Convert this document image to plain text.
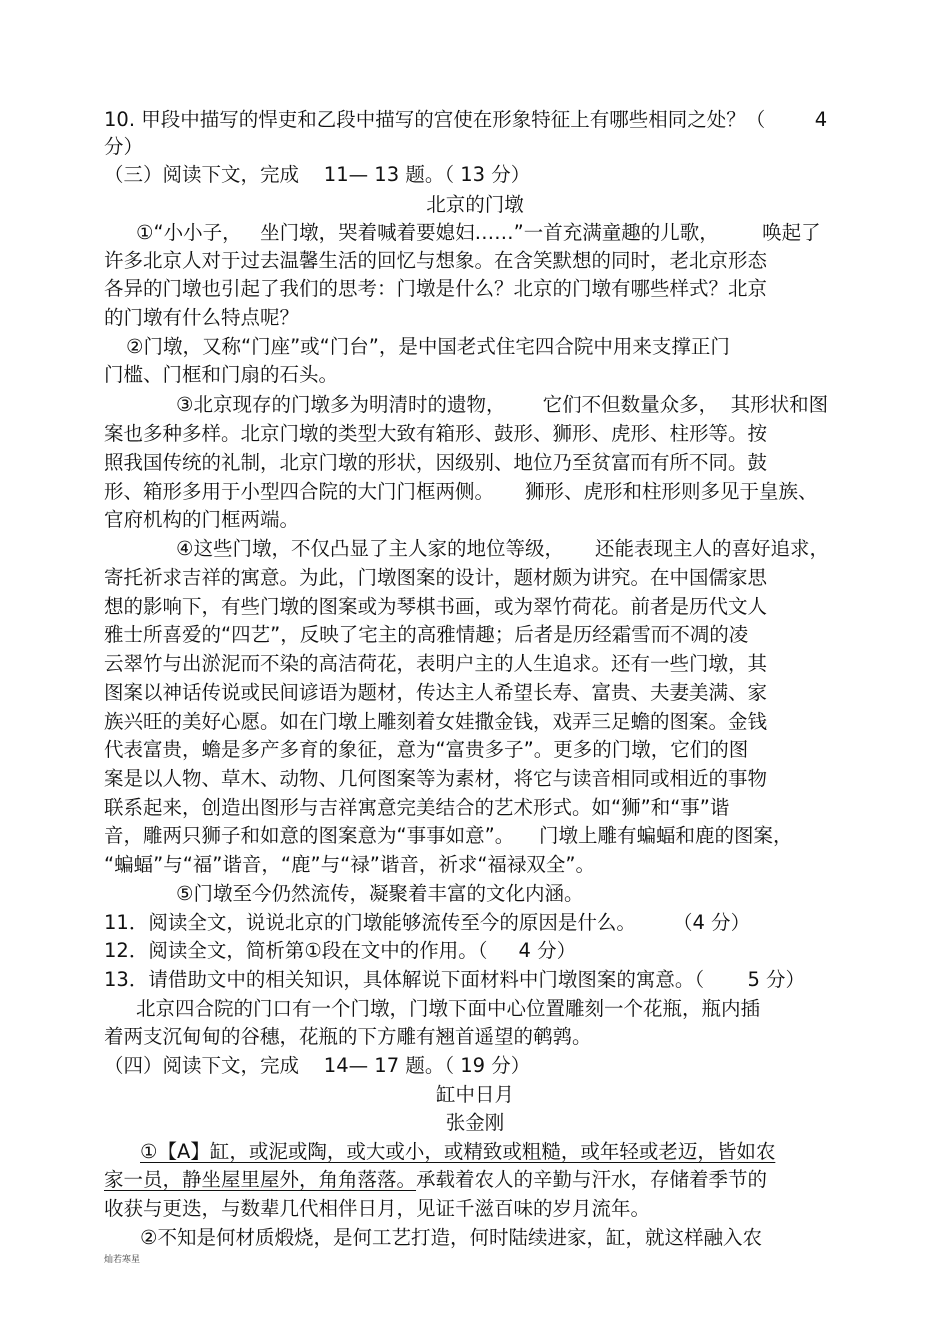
10. 甲段中描写的悍吏和乙段中描写的宫使在形象特征上有哪些相同之处？（        4
分）
（三）阅读下文，完成    11— 13 题。（ 13 分）
北京的门墩
①“小小子，   坐门墩，哭着喊着要媳妇……”一首充满童趣的儿歌，       唤起了
许多北京人对于过去温馨生活的回忆与想象。在含笑默想的同时，老北京形态
各异的门墩也引起了我们的思考：门墩是什么？北京的门墩有哪些样式？北京
的门墩有什么特点呢？
②门墩，又称“门座”或“门台”，是中国老式住宅四合院中用来支撑正门
门槛、门框和门扇的石头。
③北京现存的门墩多为明清时的遗物，      它们不但数量众多，  其形状和图
案也多种多样。北京门墩的类型大致有箱形、鼓形、狮形、虎形、柱形等。按
照我国传统的礼制，北京门墩的形状，因级别、地位乃至贫富而有所不同。鼓
形、箱形多用于小型四合院的大门门框两侧。     狮形、虎形和柱形则多见于皇族、
官府机构的门框两端。
④这些门墩，不仅凸显了主人家的地位等级，     还能表现主人的喜好追求，
寄托祈求吉祥的寓意。为此，门墩图案的设计，题材颇为讲究。在中国儒家思
想的影响下，有些门墩的图案或为琴棋书画，或为翠竹荷花。前者是历代文人
雅士所喜爱的“四艺”，反映了宅主的高雅情趣；后者是历经霜雪而不凋的凌
云翠竹与出淤泥而不染的高洁荷花，表明户主的人生追求。还有一些门墩，其
图案以神话传说或民间谚语为题材，传达主人希望长寿、富贵、夫妻美满、家
族兴旺的美好心愿。如在门墩上雕刻着女娃撒金钱，戏弄三足蟾的图案。金钱
代表富贵，蟾是多产多育的象征，意为“富贵多子”。更多的门墩，它们的图
案是以人物、草木、动物、几何图案等为素材，将它与读音相同或相近的事物
联系起来，创造出图形与吉祥寓意完美结合的艺术形式。如“狮”和“事”谐
音，雕两只狮子和如意的图案意为“事事如意”。    门墩上雕有蝙蝠和鹿的图案，
“蝙蝠”与“福”谐音，“鹿”与“禄”谐音，祈求“福禄双全”。
⑤门墩至今仍然流传，凝聚着丰富的文化内涵。
11．阅读全文，说说北京的门墩能够流传至今的原因是什么。      （4 分）
12．阅读全文，简析第①段在文中的作用。（     4 分）
13．请借助文中的相关知识，具体解说下面材料中门墩图案的寓意。（       5 分）
北京四合院的门口有一个门墩，门墩下面中心位置雕刻一个花瓶，瓶内插
着两支沉甸甸的谷穗，花瓶的下方雕有翘首遥望的鹌鹑。
（四）阅读下文，完成    14— 17 题。（ 19 分）
缸中日月
张金刚
①【A】缸，或泥或陶，或大或小，或精致或粗糙，或年轻或老迈，皆如农
家一员，静坐屋里屋外，角角落落。承载着农人的辛勤与汗水，存储着季节的
收获与更迭，与数辈几代相伴日月，见证千滋百味的岁月流年。
②不知是何材质煅烧，是何工艺打造，何时陆续进家，缸，就这样融入农
灿若寒星
